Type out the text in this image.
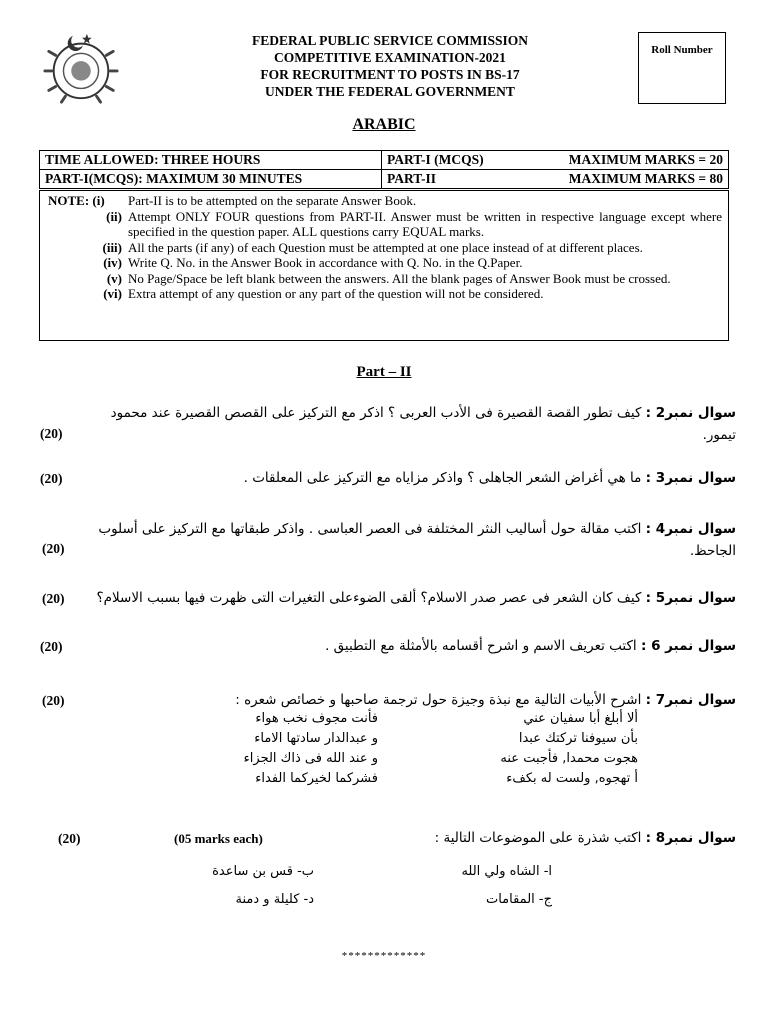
FEDERAL PUBLIC SERVICE COMMISSION
COMPETITIVE EXAMINATION-2021
FOR RECRUITMENT TO POSTS IN BS-17
UNDER THE FEDERAL GOVERNMENT
Roll Number
ARABIC
TIME ALLOWED: THREE HOURS	PART-I (MCQS) MAXIMUM MARKS = 20

PART-I(MCQS): MAXIMUM 30 MINUTES	PART-II MAXIMUM MARKS = 80
NOTE: (i)	Part-II is to be attempted on the separate Answer Book.
(ii) Attempt ONLY FOUR questions from PART-II. Answer must be written in respective language except where specified in the question paper. ALL questions carry EQUAL marks.
(iii) All the parts (if any) of each Question must be attempted at one place instead of at different places.
(iv) Write Q. No. in the Answer Book in accordance with Q. No. in the Q.Paper.
(v) No Page/Space be left blank between the answers. All the blank pages of Answer Book must be crossed.
(vi) Extra attempt of any question or any part of the question will not be considered.
Part – II
سوال نمبر2 : كيف تطور القصة القصيرة فى الأدب العربى ؟ اذكر مع التركيز على القصص القصيرة عند محمود تيمور.
(20)
سوال نمبر3 : ما هي أغراض الشعر الجاهلى ؟ واذكر مزاياه مع التركيز على المعلقات .
(20)
سوال نمبر4 : اكتب مقالة حول أساليب النثر المختلفة فى العصر العباسى . واذكر طبقاتها مع التركيز على أسلوب الجاحظ.
(20)
سوال نمبر5 : كيف كان الشعر فى عصر صدر الاسلام؟ ألقى الضوءعلى التغيرات التى ظهرت فيها بسبب الاسلام؟
(20)
سوال نمبر 6 : اكتب تعريف الاسم و اشرح أقسامه بالأمثلة مع التطبيق .
(20)
سوال نمبر7 : اشرح الأبيات التالية مع نبذة وجيزة حول ترجمة صاحبها و خصائص شعره :
(20)
ألا أبلغ أبا سفيان عني
فأنت مجوف نخب هواء
بأن سيوفنا تركتك عبدا
و عبدالدار سادتها الاماء
هجوت محمدا, فأجبت عنه
و عند الله فى ذاك الجزاء
أ تهجوه, ولست له بكفء
فشركما لخيركما الفداء
سوال نمبر8 : اكتب شذرة على الموضوعات التالية :
(20)	(05 marks each)
ا- الشاه ولي الله
ب- قس بن ساعدة
ج- المقامات
د- كليلة و دمنة
*************
